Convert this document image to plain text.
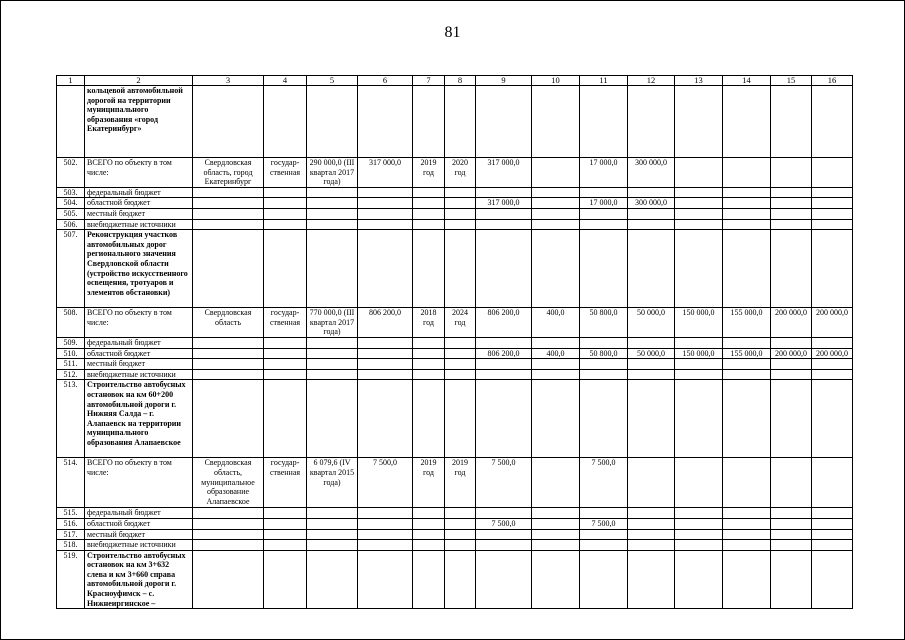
81
1	2	3	4	5	6	7	8	9	10	11	12	13	14	15	16
	кольцевой автомобильной дорогой на территории муниципального образования «город Екатеринбург»														
502.	ВСЕГО по объекту в том числе:	Свердловская область, город Екатеринбург	государ-ственная	290 000,0 (III квартал 2017 года)	317 000,0	2019 год	2020 год	317 000,0		17 000,0	300 000,0				
503.	федеральный бюджет														
504.	областной бюджет							317 000,0		17 000,0	300 000,0				
505.	местный бюджет														
506.	внебюджетные источники														
507.	Реконструкция участков автомобильных дорог регионального значения Свердловской области (устройство искусственного освещения, тротуаров и элементов обстановки)														
508.	ВСЕГО по объекту в том числе:	Свердловская область	государ-ственная	770 000,0 (III квартал 2017 года)	806 200,0	2018 год	2024 год	806 200,0	400,0	50 800,0	50 000,0	150 000,0	155 000,0	200 000,0	200 000,0
509.	федеральный бюджет														
510.	областной бюджет							806 200,0	400,0	50 800,0	50 000,0	150 000,0	155 000,0	200 000,0	200 000,0
511.	местный бюджет														
512.	внебюджетные источники														
513.	Строительство автобусных остановок на км 60+200 автомобильной дороги г. Нижняя Салда – г. Алапаевск на территории муниципального образования Алапаевское														
514.	ВСЕГО по объекту в том числе:	Свердловская область, муниципальное образование Алапаевское	государ-ственная	6 079,6 (IV квартал 2015 года)	7 500,0	2019 год	2019 год	7 500,0		7 500,0					
515.	федеральный бюджет														
516.	областной бюджет							7 500,0		7 500,0					
517.	местный бюджет														
518.	внебюджетные источники														
519.	Строительство автобусных остановок на км 3+632 слева и км 3+660 справа автомобильной дороги г. Красноуфимск – с. Нижнеиргинское –														
